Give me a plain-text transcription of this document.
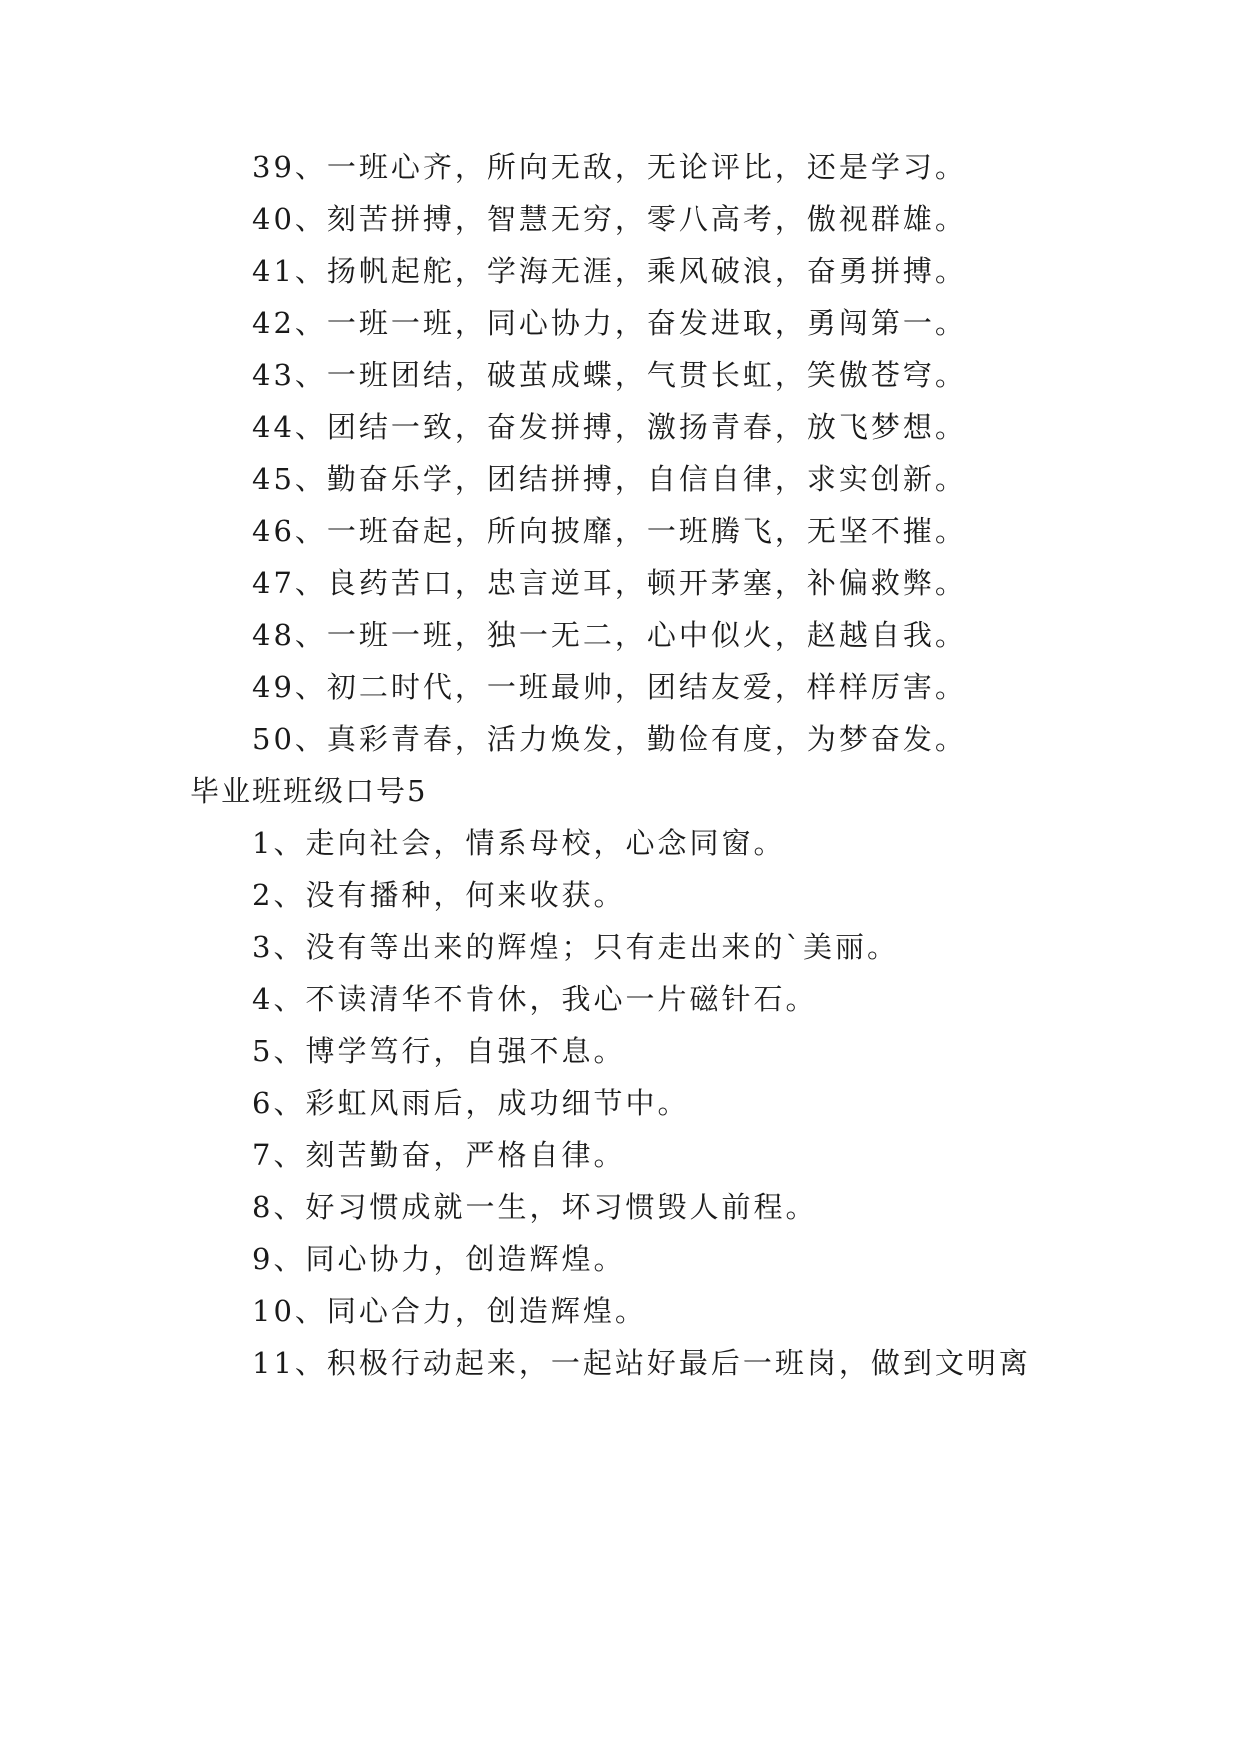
39、一班心齐，所向无敌，无论评比，还是学习。
40、刻苦拼搏，智慧无穷，零八高考，傲视群雄。
41、扬帆起舵，学海无涯，乘风破浪，奋勇拼搏。
42、一班一班，同心协力，奋发进取，勇闯第一。
43、一班团结，破茧成蝶，气贯长虹，笑傲苍穹。
44、团结一致，奋发拼搏，激扬青春，放飞梦想。
45、勤奋乐学，团结拼搏，自信自律，求实创新。
46、一班奋起，所向披靡，一班腾飞，无坚不摧。
47、良药苦口，忠言逆耳，顿开茅塞，补偏救弊。
48、一班一班，独一无二，心中似火，赵越自我。
49、初二时代，一班最帅，团结友爱，样样厉害。
50、真彩青春，活力焕发，勤俭有度，为梦奋发。
毕业班班级口号5
1、走向社会，情系母校，心念同窗。
2、没有播种，何来收获。
3、没有等出来的辉煌；只有走出来的`美丽。
4、不读清华不肯休，我心一片磁针石。
5、博学笃行，自强不息。
6、彩虹风雨后，成功细节中。
7、刻苦勤奋，严格自律。
8、好习惯成就一生，坏习惯毁人前程。
9、同心协力，创造辉煌。
10、同心合力，创造辉煌。
11、积极行动起来，一起站好最后一班岗，做到文明离
